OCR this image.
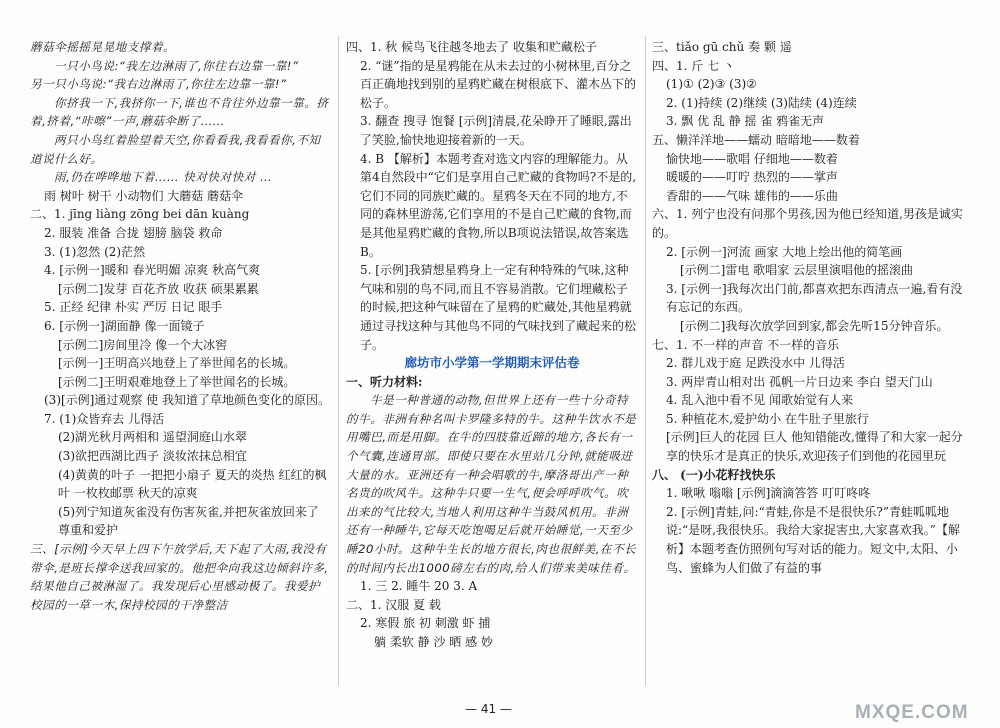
蘑菇伞摇摇晃晃地支撑着。
一只小鸟说:“我左边淋雨了,你往右边靠一靠!”
另一只小鸟说:“我右边淋雨了,你往左边靠一靠!”
你挤我一下,我挤你一下,谁也不肯往外边靠一靠。挤着,挤着,“咔嚓”一声,蘑菇伞断了……
两只小鸟红着脸望着天空,你看看我,我看看你,不知道说什么好。
雨,仍在哗哗地下着…… 快对快对快对 …
雨 树叶 树干 小动物们 大蘑菇 蘑菇伞
二、1. jīng liàng zōng bei dān kuàng
2. 服装 准备 合拢 翅膀 脑袋 救命
3. (1)忽然 (2)茫然
4. [示例一]暖和 春光明媚 凉爽 秋高气爽
[示例二]发芽 百花齐放 收获 硕果累累
5. 正经 纪律 朴实 严厉 日记 眼手
6. [示例一]湖面静 像一面镜子
[示例二]房间里冷 像一个大冰窖
[示例一]王明高兴地登上了举世闻名的长城。
[示例二]王明艰难地登上了举世闻名的长城。
(3)[示例]通过观察 使 我知道了草地颜色变化的原因。
7. (1)众皆弃去 儿得活
(2)湖光秋月两相和 遥望洞庭山水翠
(3)欲把西湖比西子 淡妆浓抹总相宜
(4)黄黄的叶子 一把把小扇子 夏天的炎热 红红的枫叶 一枚枚邮票 秋天的凉爽
(5)列宁知道灰雀没有伤害灰雀,并把灰雀放回来了
尊重和爱护
三、[示例]今天早上四下午放学后,天下起了大雨,我没有带伞,是班长撑伞送我回家的。他把伞向我这边倾斜许多,结果他自己被淋湿了。我发现后心里感动极了。我爱护校园的一草一木,保持校园的干净整洁
四、1. 秋 候鸟飞往越冬地去了 收集和贮藏松子
2. “谜”指的是星鸦能在从未去过的小树林里,百分之百正确地找到别的星鸦贮藏在树根底下、灌木丛下的松子。
3. 翻查 搜寻 饱餐 [示例]清晨,花朵睁开了睡眼,露出了笑脸,愉快地迎接着新的一天。
4. B 【解析】本题考查对选文内容的理解能力。从第4自然段中“它们是享用自己贮藏的食物吗?不是的,它们不同的同族贮藏的。星鸦冬天在不同的地方,不同的森林里游荡,它们享用的不是自己贮藏的食物,而是其他星鸦贮藏的食物,所以B项说法错误,故答案选B。
5. [示例]我猜想星鸦身上一定有种特殊的气味,这种气味和别的鸟不同,而且不容易消散。它们埋藏松子的时候,把这种气味留在了星鸦的贮藏处,其他星鸦就通过寻找这种与其他鸟不同的气味找到了藏起来的松子。
廊坊市小学第一学期期末评估卷
一、听力材料:
牛是一种普通的动物,但世界上还有一些十分奇特的牛。非洲有种名叫卡罗隆多特的牛。这种牛饮水不是用嘴巴,而是用脚。在牛的四肢靠近蹄的地方,各长有一个气囊,连通胃部。即使只要在水里站几分钟,就能吸进大量的水。亚洲还有一种会唱歌的牛,摩洛哥出产一种名贵的吹风牛。这种牛只要一生气,便会呼呼吹气。吹出来的气比较大,当地人利用这种牛当鼓风机用。非洲还有一种睡牛,它每天吃饱喝足后就开始睡觉,一天至少睡20小时。这种牛生长的地方很长,肉也很鲜美,在不长的时间内长出1000磅左右的肉,给人们带来美味佳肴。
1. 三 2. 睡牛 20 3. A
二、1. 汉服 夏 载
2. 寒假 旅 初 刺激 虾 捕
躺 柔软 静 沙 晒 感 妙
三、tiǎo gū chǔ 奏 颗 遥
四、1. 斤 七 丶
(1)① (2)③ (3)②
2. (1)持续 (2)继续 (3)陆续 (4)连续
3. 飘 优 乱 静 摇 雀 鸦雀无声
五、懒洋洋地——蠕动 暗暗地——数着
愉快地——歌唱 仔细地——数着
暖暖的——叮咛 热烈的——掌声
香甜的——气味 雄伟的——乐曲
六、1. 列宁也没有问那个男孩,因为他已经知道,男孩是诚实的。
2. [示例一]河流 画家 大地上绘出他的简笔画
[示例二]雷电 歌唱家 云层里演唱他的摇滚曲
3. [示例一]我每次出门前,都喜欢把东西清点一遍,看有没有忘记的东西。
[示例二]我每次放学回到家,都会先听15分钟音乐。
七、1. 不一样的声音 不一样的音乐
2. 群儿戏于庭 足跌没水中 儿得活
3. 两岸青山相对出 孤帆一片日边来 李白 望天门山
4. 乱入池中看不见 闻歌始觉有人来
5. 种植花木,爱护幼小 在牛肚子里旅行
[示例]巨人的花园 巨人 他知错能改,懂得了和大家一起分享的快乐才是真正的快乐,欢迎孩子们到他的花园里玩
八、 (一)小花籽找快乐
1. 啾啾 嗡嗡 [示例]滴滴答答 叮叮咚咚
2. [示例]青蛙,问:“青蛙,你是不是很快乐?”青蛙呱呱地说:“是呀,我很快乐。我给大家捉害虫,大家喜欢我。”【解析】本题考查仿照例句写对话的能力。短文中,太阳、小鸟、蜜蜂为人们做了有益的事
— 41 —	MXQE.COM
